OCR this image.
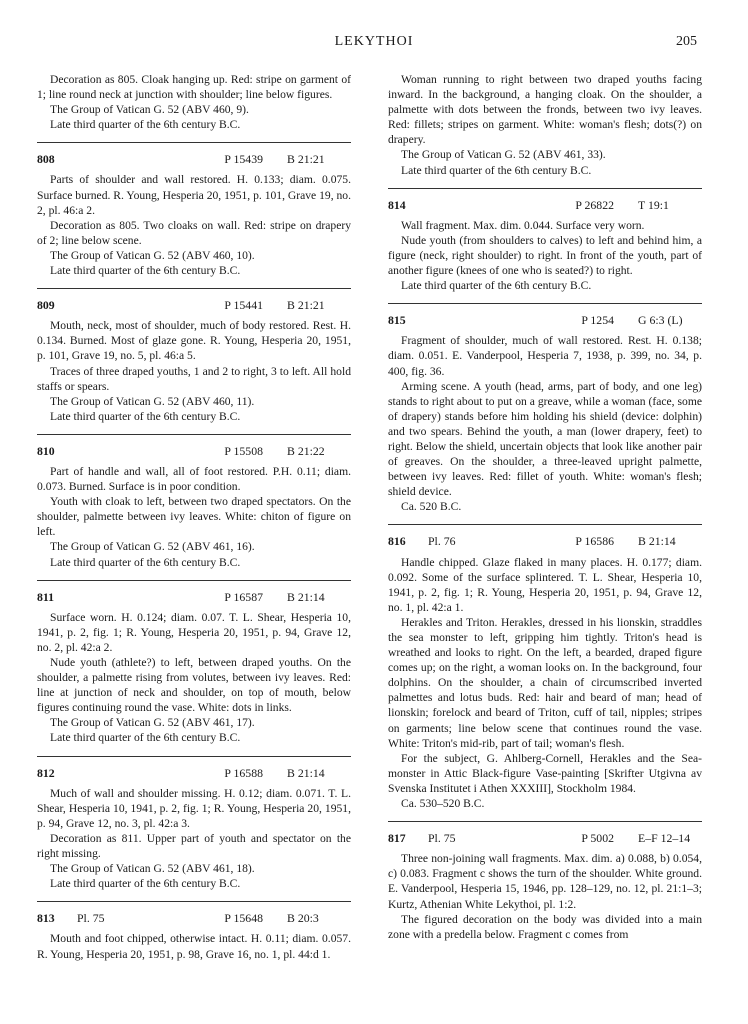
LEKYTHOI	205

Decoration as 805. Cloak hanging up. Red: stripe on garment of 1; line round neck at junction with shoulder; line below figures.

The Group of Vatican G. 52 (ABV 460, 9).

Late third quarter of the 6th century B.C.

808	P 15439	B 21:21

Parts of shoulder and wall restored. H. 0.133; diam. 0.075. Surface burned. R. Young, Hesperia 20, 1951, p. 101, Grave 19, no. 2, pl. 46:a 2.

Decoration as 805. Two cloaks on wall. Red: stripe on drapery of 2; line below scene.

The Group of Vatican G. 52 (ABV 460, 10).

Late third quarter of the 6th century B.C.

809	P 15441	B 21:21

Mouth, neck, most of shoulder, much of body restored. Rest. H. 0.134. Burned. Most of glaze gone. R. Young, Hesperia 20, 1951, p. 101, Grave 19, no. 5, pl. 46:a 5.

Traces of three draped youths, 1 and 2 to right, 3 to left. All hold staffs or spears.

The Group of Vatican G. 52 (ABV 460, 11).

Late third quarter of the 6th century B.C.

810	P 15508	B 21:22

Part of handle and wall, all of foot restored. P.H. 0.11; diam. 0.073. Burned. Surface is in poor condition.

Youth with cloak to left, between two draped spectators. On the shoulder, palmette between ivy leaves. White: chiton of figure on left.

The Group of Vatican G. 52 (ABV 461, 16).

Late third quarter of the 6th century B.C.

811	P 16587	B 21:14

Surface worn. H. 0.124; diam. 0.07. T. L. Shear, Hesperia 10, 1941, p. 2, fig. 1; R. Young, Hesperia 20, 1951, p. 94, Grave 12, no. 2, pl. 42:a 2.

Nude youth (athlete?) to left, between draped youths. On the shoulder, a palmette rising from volutes, between ivy leaves. Red: line at junction of neck and shoulder, on top of mouth, below figures continuing round the vase. White: dots in links.

The Group of Vatican G. 52 (ABV 461, 17).

Late third quarter of the 6th century B.C.

812	P 16588	B 21:14

Much of wall and shoulder missing. H. 0.12; diam. 0.071. T. L. Shear, Hesperia 10, 1941, p. 2, fig. 1; R. Young, Hesperia 20, 1951, p. 94, Grave 12, no. 3, pl. 42:a 3.

Decoration as 811. Upper part of youth and spectator on the right missing.

The Group of Vatican G. 52 (ABV 461, 18).

Late third quarter of the 6th century B.C.

813	Pl. 75	P 15648	B 20:3

Mouth and foot chipped, otherwise intact. H. 0.11; diam. 0.057. R. Young, Hesperia 20, 1951, p. 98, Grave 16, no. 1, pl. 44:d 1.

Woman running to right between two draped youths facing inward. In the background, a hanging cloak. On the shoulder, a palmette with dots between the fronds, between two ivy leaves. Red: fillets; stripes on garment. White: woman's flesh; dots(?) on drapery.

The Group of Vatican G. 52 (ABV 461, 33).

Late third quarter of the 6th century B.C.

814	P 26822	T 19:1

Wall fragment. Max. dim. 0.044. Surface very worn.

Nude youth (from shoulders to calves) to left and behind him, a figure (neck, right shoulder) to right. In front of the youth, part of another figure (knees of one who is seated?) to right.

Late third quarter of the 6th century B.C.

815	P 1254	G 6:3 (L)

Fragment of shoulder, much of wall restored. Rest. H. 0.138; diam. 0.051. E. Vanderpool, Hesperia 7, 1938, p. 399, no. 34, p. 400, fig. 36.

Arming scene. A youth (head, arms, part of body, and one leg) stands to right about to put on a greave, while a woman (face, some of drapery) stands before him holding his shield (device: dolphin) and two spears. Behind the youth, a man (lower drapery, feet) to right. Below the shield, uncertain objects that look like another pair of greaves. On the shoulder, a three-leaved upright palmette, between ivy leaves. Red: fillet of youth. White: woman's flesh; shield device.

Ca. 520 B.C.

816	Pl. 76	P 16586	B 21:14

Handle chipped. Glaze flaked in many places. H. 0.177; diam. 0.092. Some of the surface splintered. T. L. Shear, Hesperia 10, 1941, p. 2, fig. 1; R. Young, Hesperia 20, 1951, p. 94, Grave 12, no. 1, pl. 42:a 1.

Herakles and Triton. Herakles, dressed in his lionskin, straddles the sea monster to left, gripping him tightly. Triton's head is wreathed and looks to right. On the left, a bearded, draped figure comes up; on the right, a woman looks on. In the background, four dolphins. On the shoulder, a chain of circumscribed inverted palmettes and lotus buds. Red: hair and beard of man; head of lionskin; forelock and beard of Triton, cuff of tail, nipples; stripes on garments; line below scene that continues round the vase. White: Triton's mid-rib, part of tail; woman's flesh.

For the subject, G. Ahlberg-Cornell, Herakles and the Sea-monster in Attic Black-figure Vase-painting [Skrifter Utgivna av Svenska Institutet i Athen XXXIII], Stockholm 1984.

Ca. 530–520 B.C.

817	Pl. 75	P 5002	E–F 12–14

Three non-joining wall fragments. Max. dim. a) 0.088, b) 0.054, c) 0.083. Fragment c shows the turn of the shoulder. White ground. E. Vanderpool, Hesperia 15, 1946, pp. 128–129, no. 12, pl. 21:1–3; Kurtz, Athenian White Lekythoi, pl. 1:2.

The figured decoration on the body was divided into a main zone with a predella below. Fragment c comes from
